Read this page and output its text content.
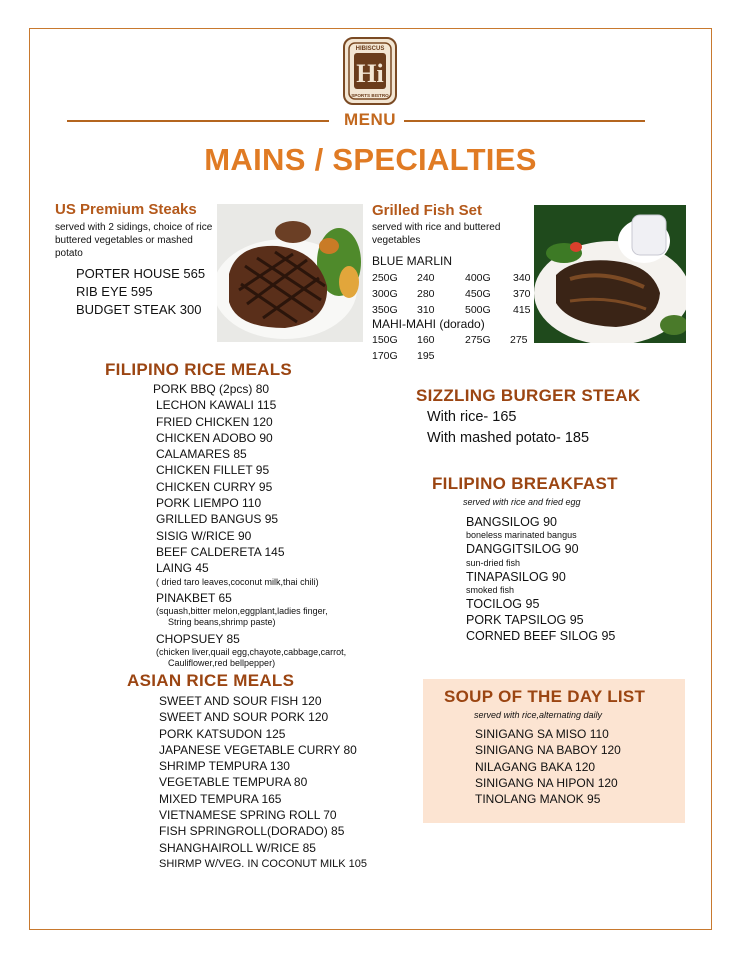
Hi
HIBISCUS
SPORTS BISTRO
MENU
MAINS / SPECIALTIES
US Premium Steaks
served with 2 sidings, choice of rice buttered vegetables or mashed potato
PORTER HOUSE 565
RIB EYE 595
BUDGET STEAK 300
Grilled Fish Set
served with rice and buttered vegetables
BLUE MARLIN
250G	240	400G	340
300G	280	450G	370
350G	310	500G	415
MAHI-MAHI (dorado)
150G	160	275G	275
170G	195
FILIPINO RICE MEALS
PORK BBQ (2pcs) 80
LECHON KAWALI 115
FRIED CHICKEN 120
CHICKEN ADOBO 90
CALAMARES 85
CHICKEN FILLET 95
CHICKEN CURRY 95
PORK LIEMPO 110
GRILLED BANGUS 95
SISIG W/RICE 90
BEEF CALDERETA 145
LAING 45
( dried taro leaves,coconut milk,thai chili)
PINAKBET 65
(squash,bitter melon,eggplant,ladies finger,
String beans,shrimp paste)
CHOPSUEY 85
(chicken liver,quail egg,chayote,cabbage,carrot,
Cauliflower,red bellpepper)
ASIAN RICE MEALS
SWEET AND SOUR FISH 120
SWEET AND SOUR PORK 120
PORK KATSUDON 125
JAPANESE VEGETABLE CURRY 80
SHRIMP TEMPURA 130
VEGETABLE TEMPURA 80
MIXED TEMPURA 165
VIETNAMESE SPRING ROLL 70
FISH SPRINGROLL(DORADO) 85
SHANGHAIROLL W/RICE 85
SHIRMP W/VEG. IN COCONUT MILK 105
SIZZLING BURGER STEAK
With rice- 165
With mashed potato- 185
FILIPINO BREAKFAST
served with rice and fried egg
BANGSILOG 90
boneless marinated bangus
DANGGITSILOG 90
sun-dried fish
TINAPASILOG 90
smoked fish
TOCILOG 95
PORK TAPSILOG 95
CORNED BEEF SILOG 95
SOUP OF THE DAY LIST
served with rice,alternating daily
SINIGANG SA MISO 110
SINIGANG NA BABOY 120
NILAGANG BAKA 120
SINIGANG NA HIPON 120
TINOLANG MANOK 95
